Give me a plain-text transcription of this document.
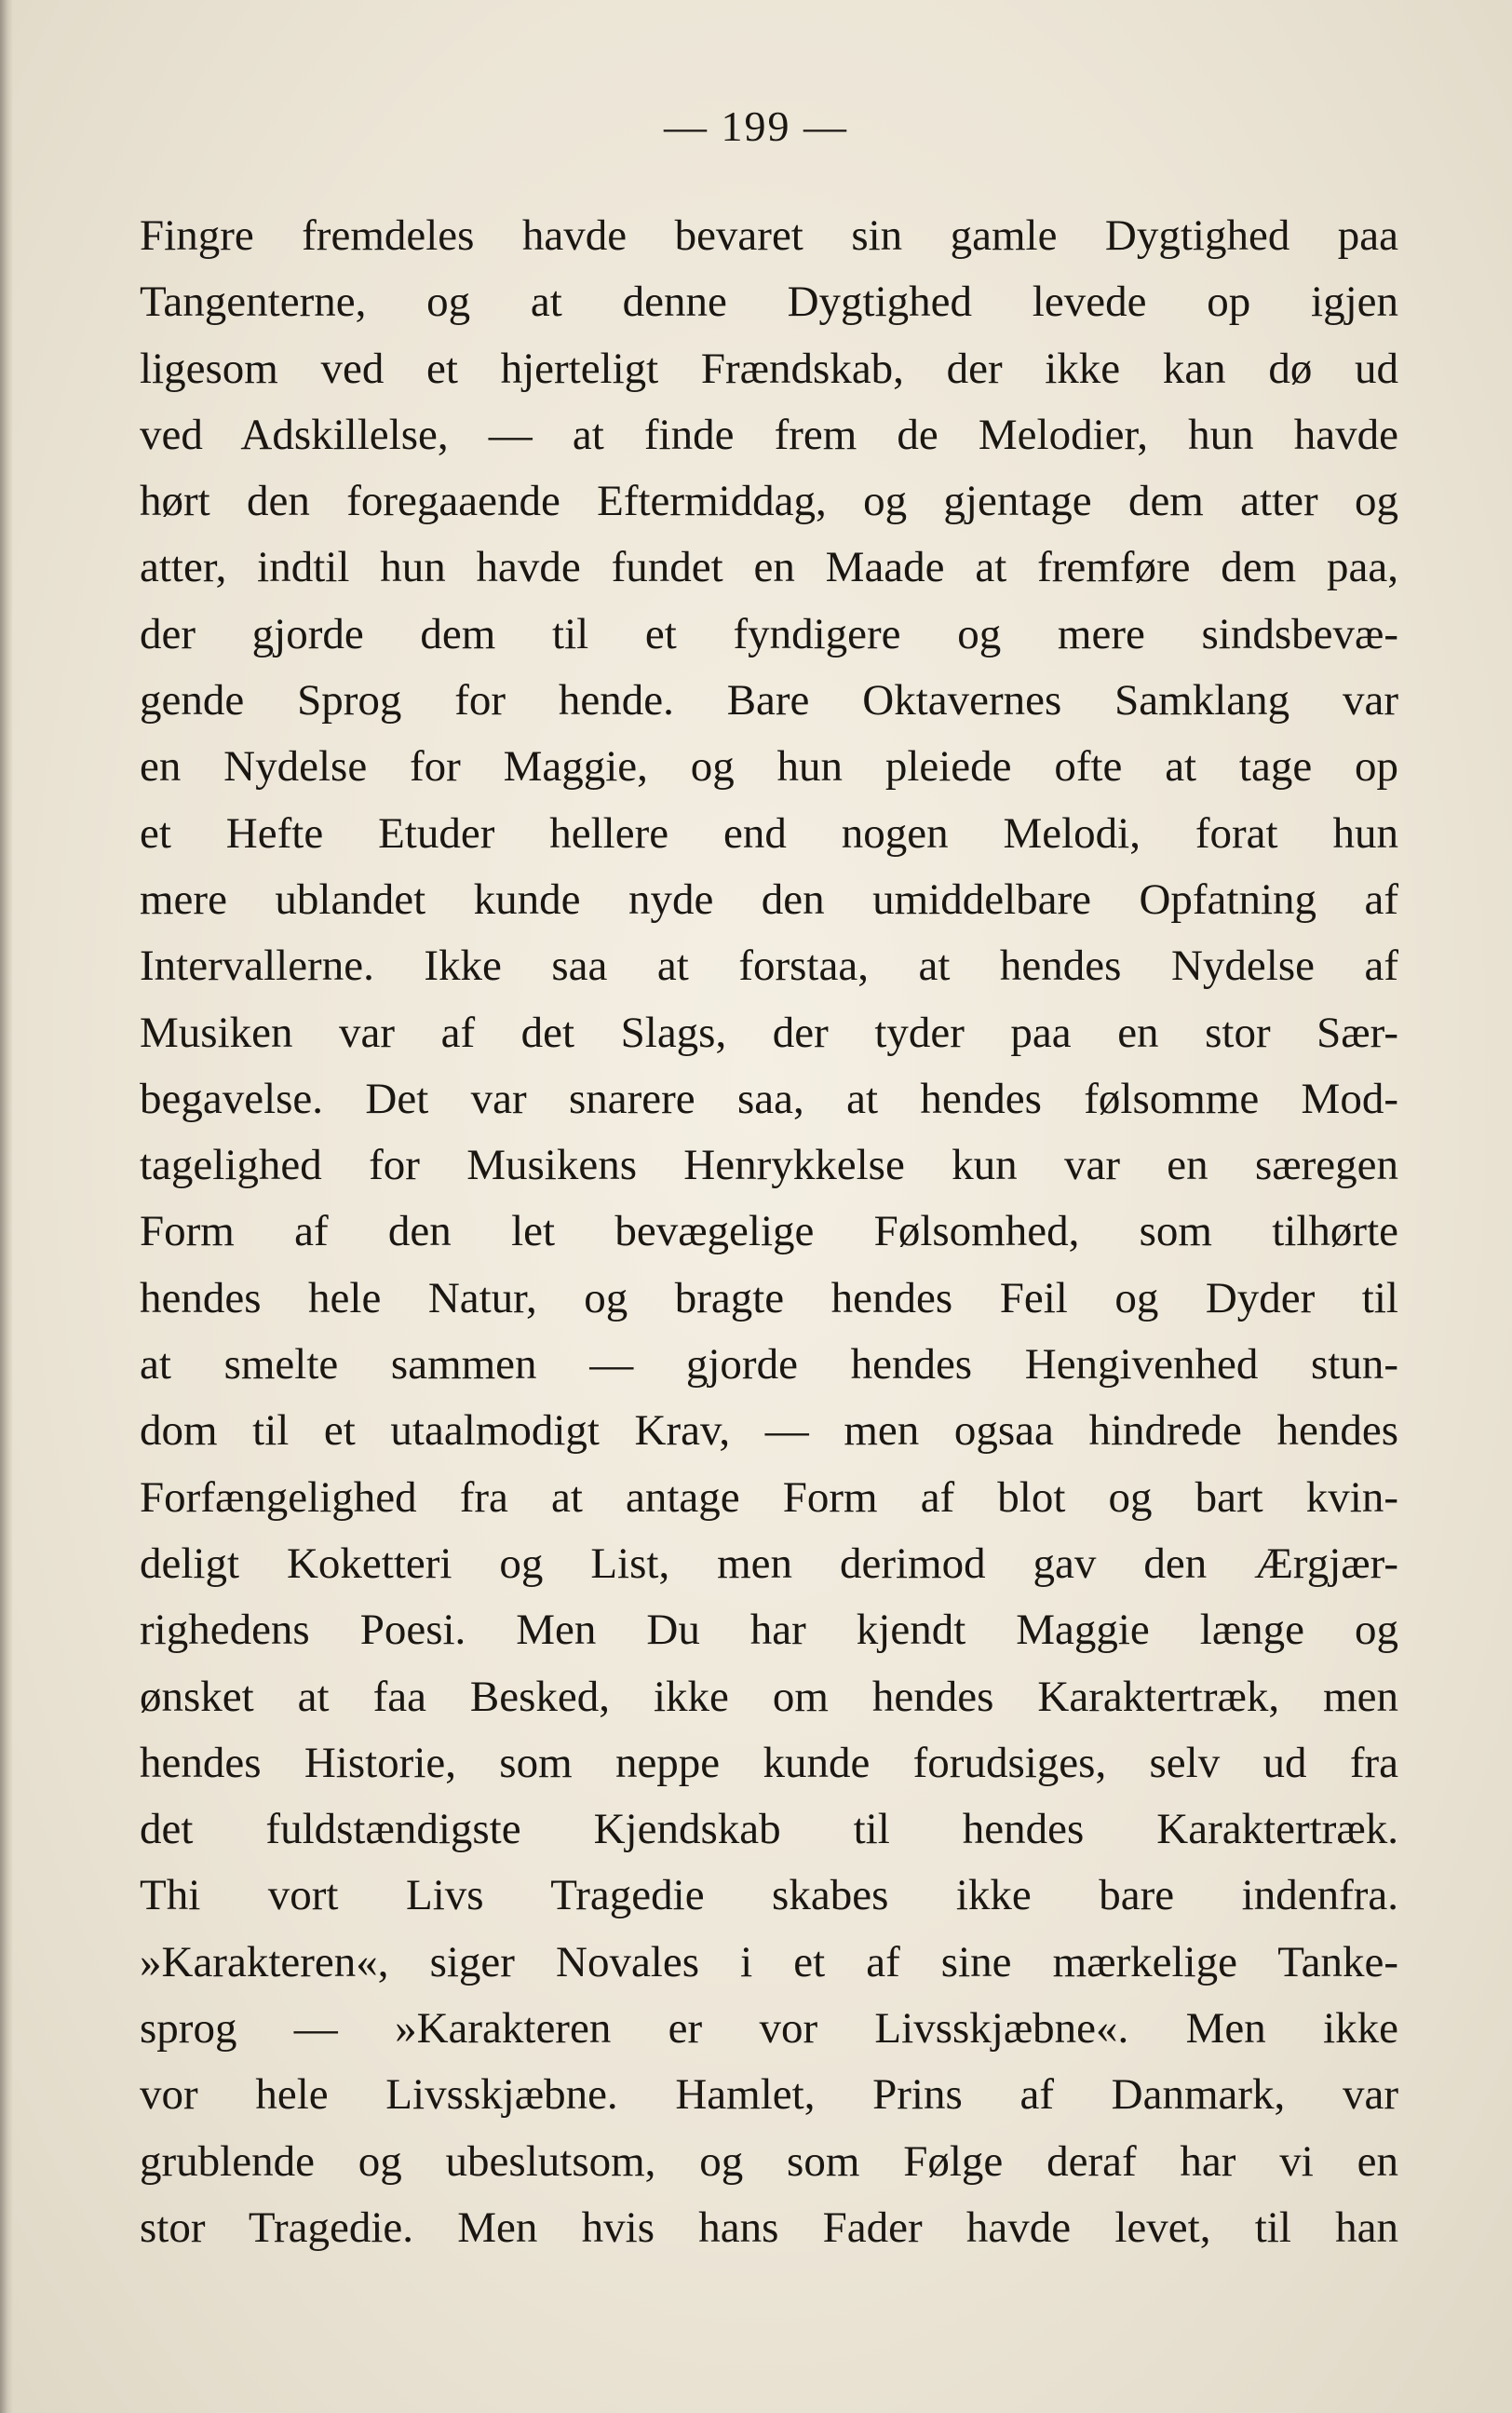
— 199 —
Fingre fremdeles havde bevaret sin gamle Dygtighed paa
Tangenterne, og at denne Dygtighed levede op igjen
ligesom ved et hjerteligt Frændskab, der ikke kan dø ud
ved Adskillelse, — at finde frem de Melodier, hun havde
hørt den foregaaende Eftermiddag, og gjentage dem atter og
atter, indtil hun havde fundet en Maade at fremføre dem paa,
der gjorde dem til et fyndigere og mere sindsbevæ-
gende Sprog for hende. Bare Oktavernes Samklang var
en Nydelse for Maggie, og hun pleiede ofte at tage op
et Hefte Etuder hellere end nogen Melodi, forat hun
mere ublandet kunde nyde den umiddelbare Opfatning af
Intervallerne. Ikke saa at forstaa, at hendes Nydelse af
Musiken var af det Slags, der tyder paa en stor Sær-
begavelse. Det var snarere saa, at hendes følsomme Mod-
tagelighed for Musikens Henrykkelse kun var en særegen
Form af den let bevægelige Følsomhed, som tilhørte
hendes hele Natur, og bragte hendes Feil og Dyder til
at smelte sammen — gjorde hendes Hengivenhed stun-
dom til et utaalmodigt Krav, — men ogsaa hindrede hendes
Forfængelighed fra at antage Form af blot og bart kvin-
deligt Koketteri og List, men derimod gav den Ærgjær-
righedens Poesi. Men Du har kjendt Maggie længe og
ønsket at faa Besked, ikke om hendes Karaktertræk, men
hendes Historie, som neppe kunde forudsiges, selv ud fra
det fuldstændigste Kjendskab til hendes Karaktertræk.
Thi vort Livs Tragedie skabes ikke bare indenfra.
»Karakteren«, siger Novales i et af sine mærkelige Tanke-
sprog — »Karakteren er vor Livsskjæbne«. Men ikke
vor hele Livsskjæbne. Hamlet, Prins af Danmark, var
grublende og ubeslutsom, og som Følge deraf har vi en
stor Tragedie. Men hvis hans Fader havde levet, til han
